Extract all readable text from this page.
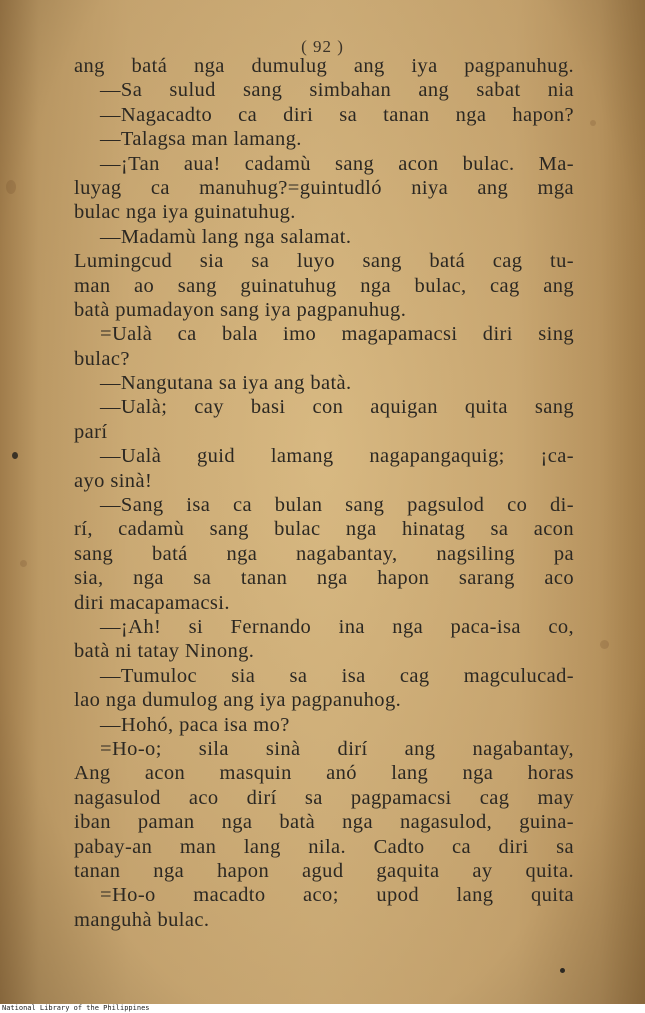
( 92 )
ang batá nga dumulug ang iya pagpanuhug.
—Sa sulud sang simbahan ang sabat nia
—Nagacadto ca diri sa tanan nga hapon?
—Talagsa man lamang.
—¡Tan aua! cadamù sang acon bulac. Ma-
luyag ca manuhug?=guintudló niya ang mga
bulac nga iya guinatuhug.
—Madamù lang nga salamat.
Lumingcud sia sa luyo sang batá cag tu-
man ao sang guinatuhug nga bulac, cag ang
batà pumadayon sang iya pagpanuhug.
=Ualà ca bala imo magapamacsi diri sing
bulac?
—Nangutana sa iya ang batà.
—Ualà; cay basi con aquigan quita sang
parí
—Ualà guid lamang nagapangaquig; ¡ca-
ayo sinà!
—Sang isa ca bulan sang pagsulod co di-
rí, cadamù sang bulac nga hinatag sa acon
sang batá nga nagabantay, nagsiling pa
sia, nga sa tanan nga hapon sarang aco
diri macapamacsi.
—¡Ah! si Fernando ina nga paca-isa co,
batà ni tatay Ninong.
—Tumuloc sia sa isa cag magculucad-
lao nga dumulog ang iya pagpanuhog.
—Hohó, paca isa mo?
=Ho-o; sila sinà dirí ang nagabantay,
Ang acon masquin anó lang nga horas
nagasulod aco dirí sa pagpamacsi cag may
iban paman nga batà nga nagasulod, guina-
pabay-an man lang nila. Cadto ca diri sa
tanan nga hapon agud gaquita ay quita.
=Ho-o macadto aco; upod lang quita
manguhà bulac.
National Library of the Philippines
